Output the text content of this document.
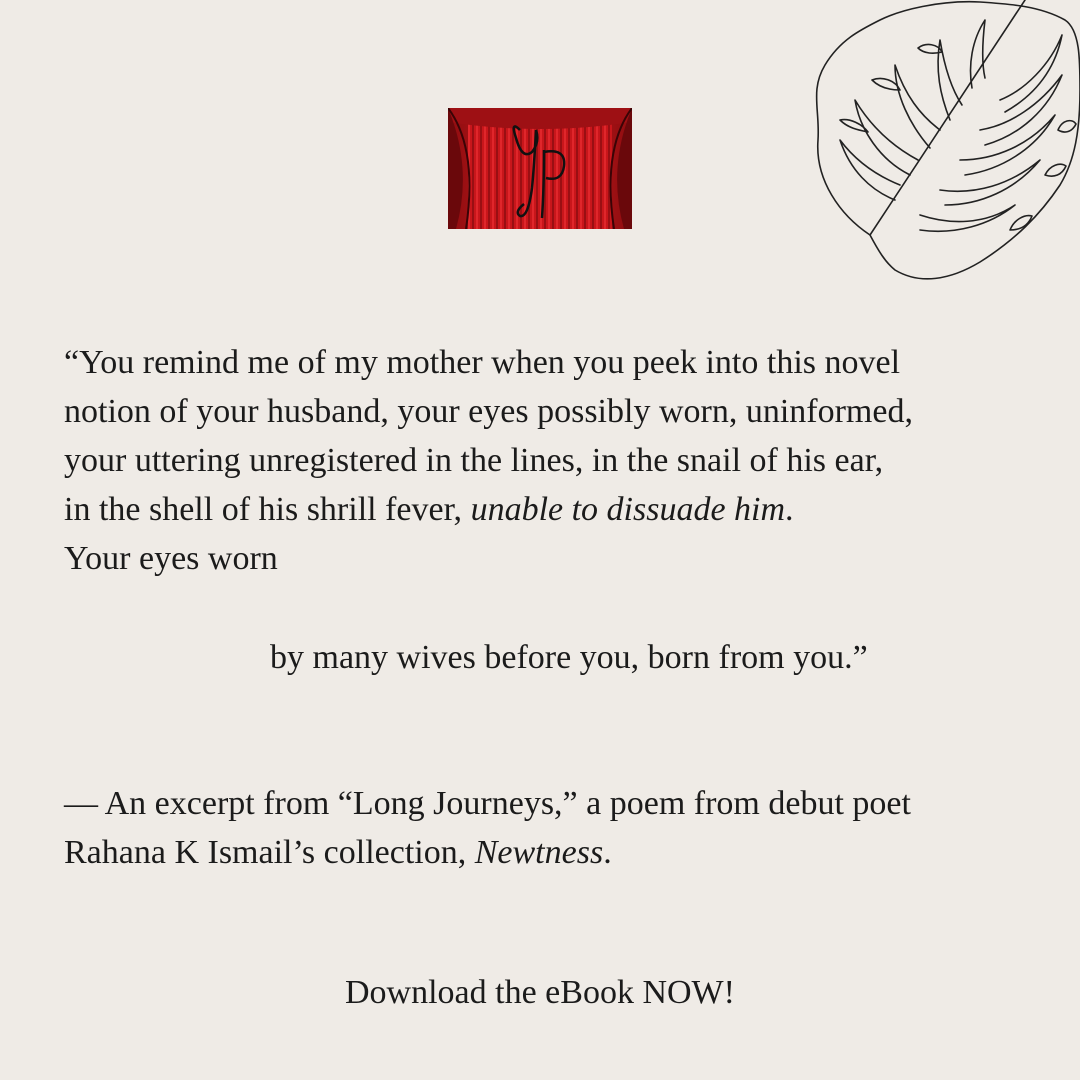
“You remind me of my mother when you peek into this novel
notion of your husband, your eyes possibly worn, uninformed,
your uttering unregistered in the lines, in the snail of his ear,
in the shell of his shrill fever, unable to dissuade him.
Your eyes worn
by many wives before you, born from you.”
— An excerpt from “Long Journeys,” a poem from debut poet
Rahana K Ismail’s collection, Newtness.
Download the eBook NOW!
